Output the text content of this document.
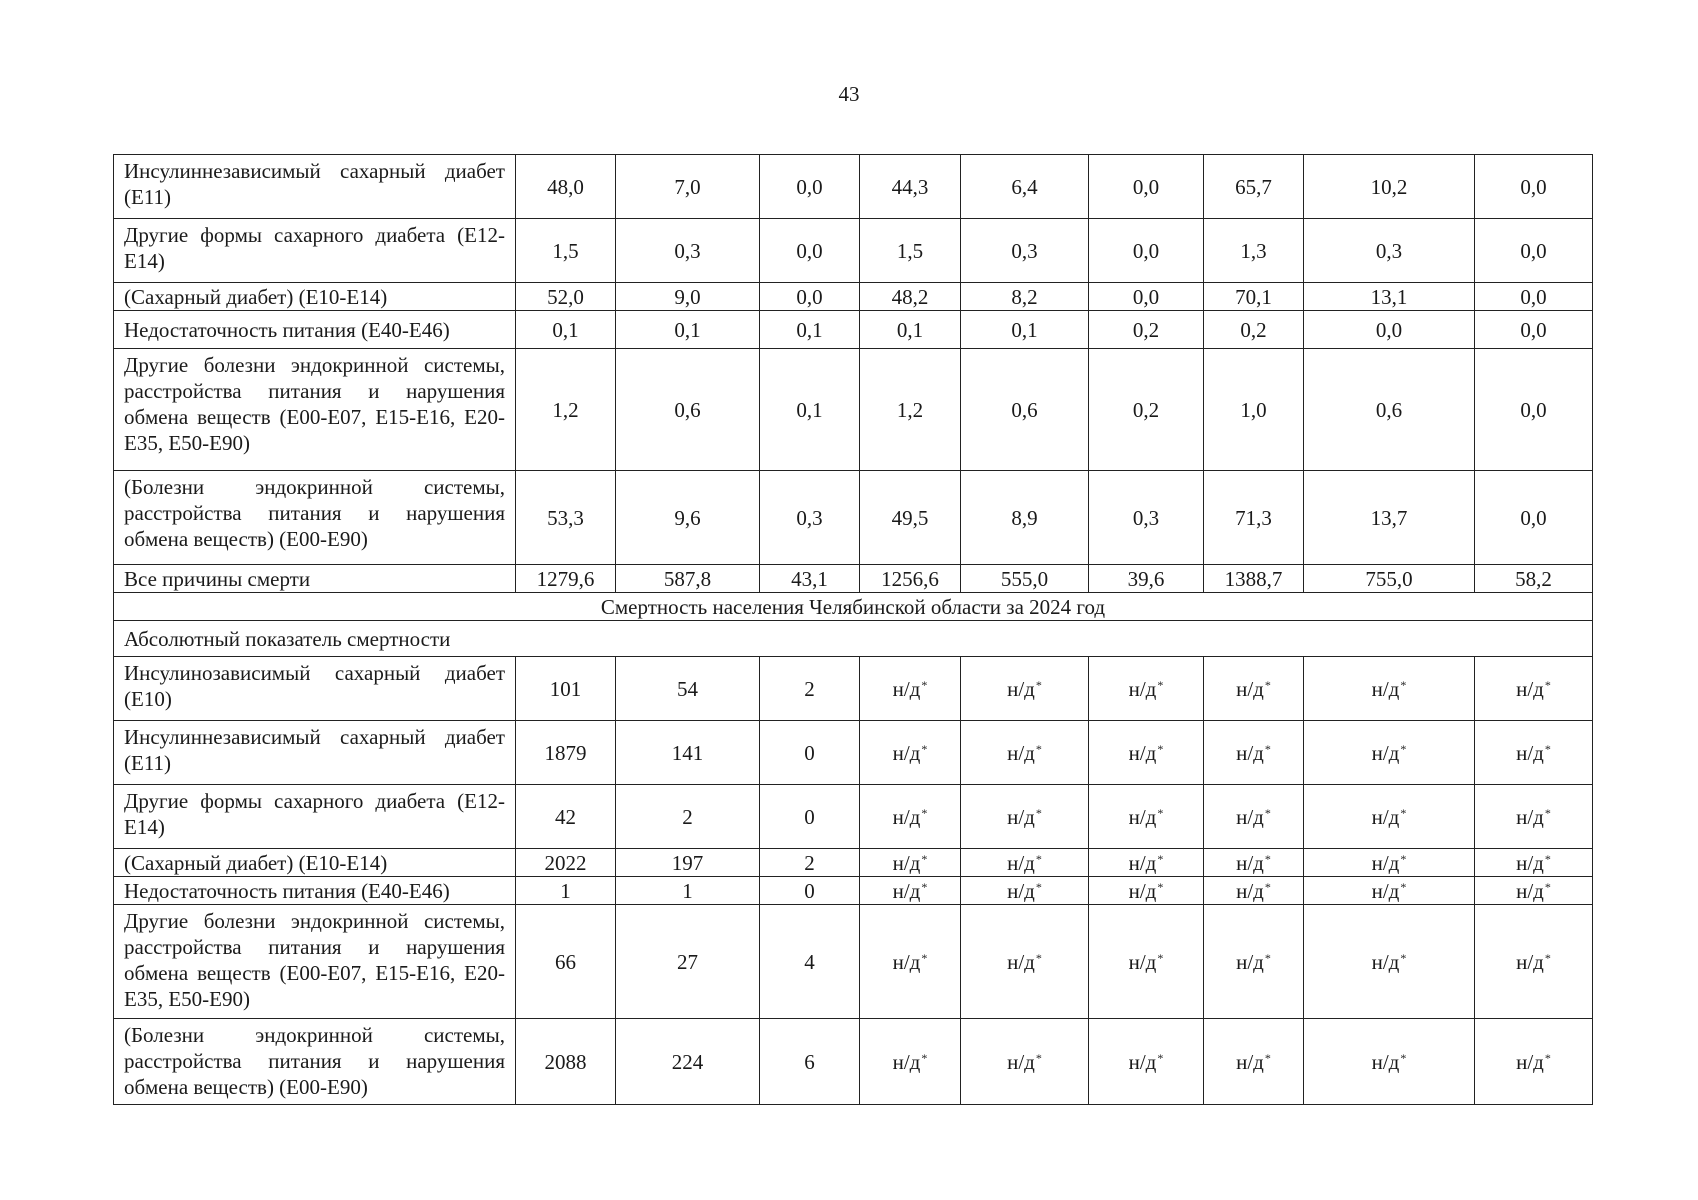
43
Инсулиннезависимый сахарный диабет (Е11)	48,0	7,0	0,0	44,3	6,4	0,0	65,7	10,2	0,0
Другие формы сахарного диабета (Е12-Е14)	1,5	0,3	0,0	1,5	0,3	0,0	1,3	0,3	0,0
(Сахарный диабет) (Е10-Е14)	52,0	9,0	0,0	48,2	8,2	0,0	70,1	13,1	0,0
Недостаточность питания (Е40-Е46)	0,1	0,1	0,1	0,1	0,1	0,2	0,2	0,0	0,0
Другие болезни эндокринной системы, расстройства питания и нарушения обмена веществ (Е00-Е07, Е15-Е16, Е20-Е35, Е50-Е90)	1,2	0,6	0,1	1,2	0,6	0,2	1,0	0,6	0,0
(Болезни эндокринной системы, расстройства питания и нарушения обмена веществ) (Е00-Е90)	53,3	9,6	0,3	49,5	8,9	0,3	71,3	13,7	0,0
Все причины смерти	1279,6	587,8	43,1	1256,6	555,0	39,6	1388,7	755,0	58,2
Смертность населения Челябинской области за 2024 год									
Абсолютный показатель смертности									
Инсулинозависимый сахарный диабет (Е10)	101	54	2	н/д*	н/д*	н/д*	н/д*	н/д*	н/д*
Инсулиннезависимый сахарный диабет (Е11)	1879	141	0	н/д*	н/д*	н/д*	н/д*	н/д*	н/д*
Другие формы сахарного диабета (Е12-Е14)	42	2	0	н/д*	н/д*	н/д*	н/д*	н/д*	н/д*
(Сахарный диабет) (Е10-Е14)	2022	197	2	н/д*	н/д*	н/д*	н/д*	н/д*	н/д*
Недостаточность питания (Е40-Е46)	1	1	0	н/д*	н/д*	н/д*	н/д*	н/д*	н/д*
Другие болезни эндокринной системы, расстройства питания и нарушения обмена веществ (Е00-Е07, Е15-Е16, Е20-Е35, Е50-Е90)	66	27	4	н/д*	н/д*	н/д*	н/д*	н/д*	н/д*
(Болезни эндокринной системы, расстройства питания и нарушения обмена веществ) (Е00-Е90)	2088	224	6	н/д*	н/д*	н/д*	н/д*	н/д*	н/д*
